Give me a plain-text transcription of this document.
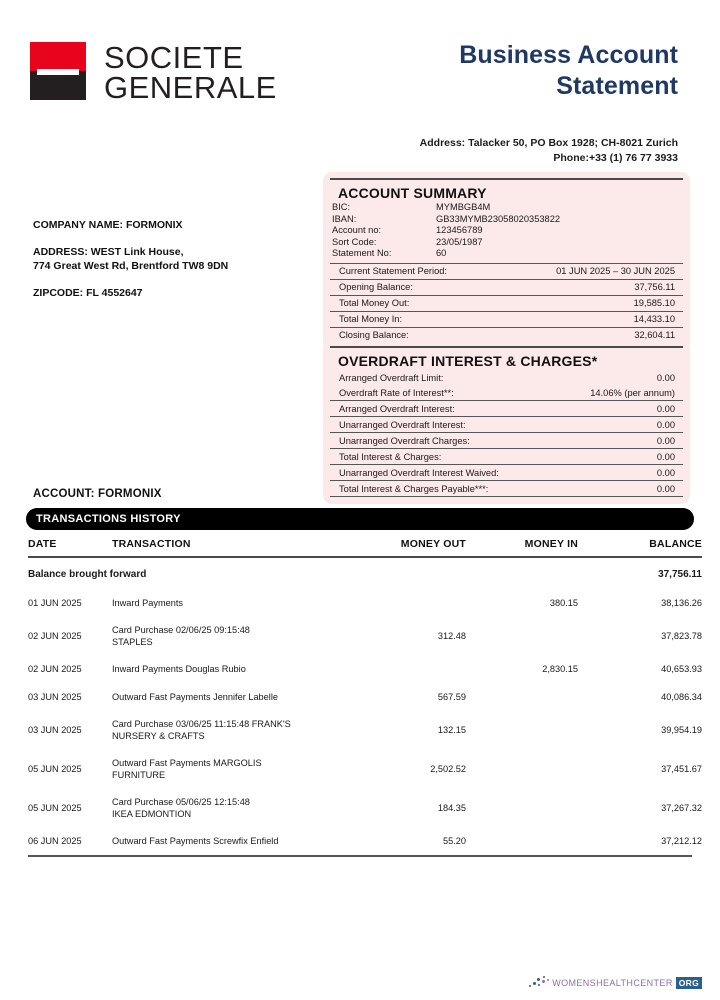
SOCIETE
GENERALE
Business Account
Statement
Address: Talacker 50, PO Box 1928; CH-8021 Zurich
Phone:+33 (1) 76 77 3933
COMPANY NAME: FORMONIX
ADDRESS: WEST Link House,
774 Great West Rd, Brentford TW8 9DN
ZIPCODE: FL 4552647
ACCOUNT SUMMARY
BIC:	MYMBGB4M
IBAN:	GB33MYMB23058020353822
Account no:	123456789
Sort Code:	23/05/1987
Statement No:	60
Current Statement Period:	01 JUN 2025 – 30 JUN 2025
Opening Balance:	37,756.11
Total Money Out:	19,585.10
Total Money In:	14,433.10
Closing Balance:	32,604.11
OVERDRAFT INTEREST & CHARGES*
Arranged Overdraft Limit:	0.00
Overdraft Rate of Interest**:	14.06% (per annum)
Arranged Overdraft Interest:	0.00
Unarranged Overdraft Interest:	0.00
Unarranged Overdraft Charges:	0.00
Total Interest & Charges:	0.00
Unarranged Overdraft Interest Waived:	0.00
Total Interest & Charges Payable***:	0.00
ACCOUNT: FORMONIX
TRANSACTIONS HISTORY
DATE	TRANSACTION	MONEY OUT	MONEY IN	BALANCE
Balance brought forward				37,756.11
01 JUN 2025	Inward Payments		380.15	38,136.26
02 JUN 2025	Card Purchase 02/06/25 09:15:48
STAPLES	312.48		37,823.78
02 JUN 2025	Inward Payments Douglas Rubio		2,830.15	40,653.93
03 JUN 2025	Outward Fast Payments Jennifer Labelle	567.59		40,086.34
03 JUN 2025	Card Purchase 03/06/25 11:15:48 FRANK'S
NURSERY & CRAFTS	132.15		39,954.19
05 JUN 2025	Outward Fast Payments MARGOLIS
FURNITURE	2,502.52		37,451.67
05 JUN 2025	Card Purchase 05/06/25 12:15:48
IKEA EDMONTION	184.35		37,267.32
06 JUN 2025	Outward Fast Payments Screwfix Enfield	55.20		37,212.12
WOMENSHEALTHCENTER ORG
